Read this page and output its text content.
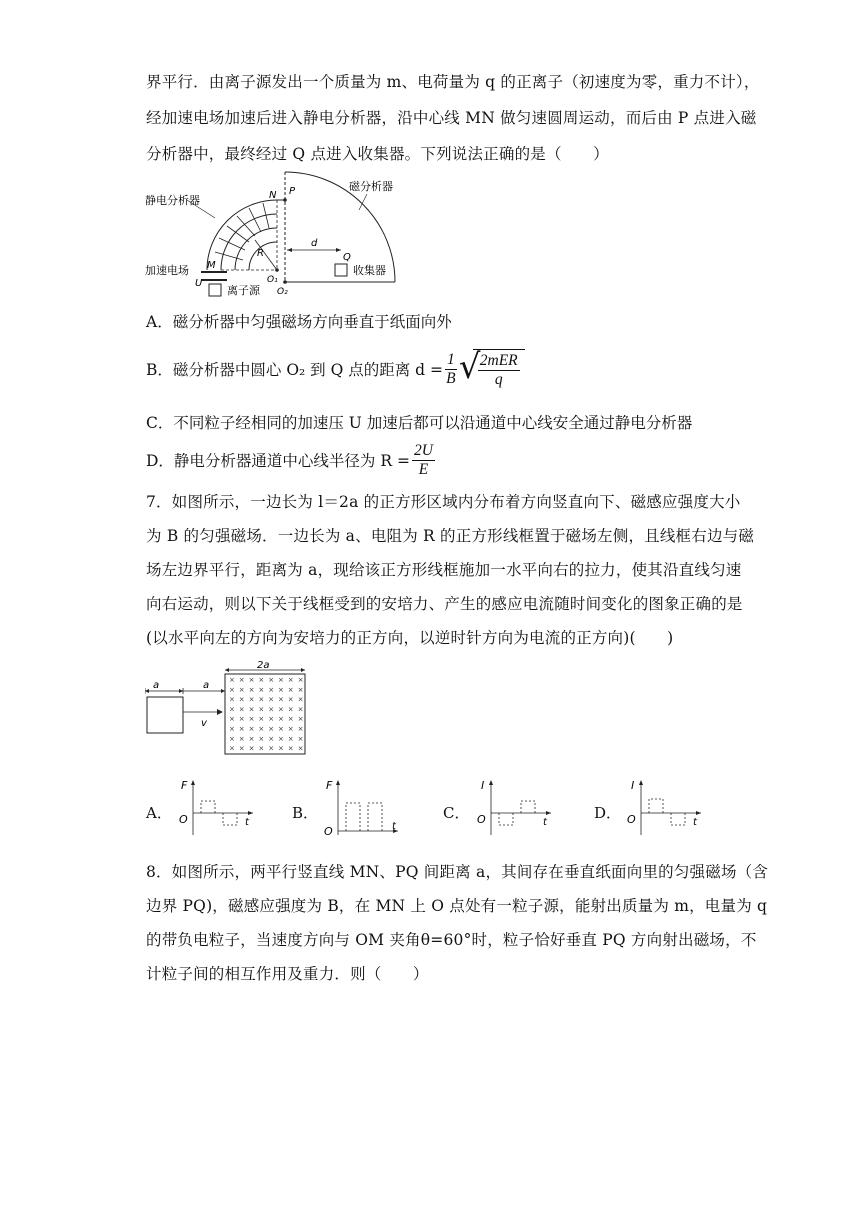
界平行．由离子源发出一个质量为 m、电荷量为 q 的正离子（初速度为零，重力不计），
经加速电场加速后进入静电分析器，沿中心线 MN 做匀速圆周运动，而后由 P 点进入磁
分析器中，最终经过 Q 点进入收集器。下列说法正确的是（　　）
静电分析器
磁分析器
加速电场
离子源
收集器
N P
M
R
O₁
O₂
d
Q
U
A．磁分析器中匀强磁场方向垂直于纸面向外
B．磁分析器中圆心 O₂ 到 Q 点的距离 $d = \frac{1}{B}$ √
$\frac{\text{2mER}}{q}$
C．不同粒子经相同的加速压 U 加速后都可以沿通道中心线安全通过静电分析器
D．静电分析器通道中心线半径为 $R = \frac{2U}{E}$
7．如图所示，一边长为 l＝2a 的正方形区域内分布着方向竖直向下、磁感应强度大小
为 B 的匀强磁场．一边长为 a、电阻为 R 的正方形线框置于磁场左侧，且线框右边与磁
场左边界平行，距离为 a，现给该正方形线框施加一水平向右的拉力，使其沿直线匀速
向右运动，则以下关于线框受到的安培力、产生的感应电流随时间变化的图象正确的是
(以水平向左的方向为安培力的正方向，以逆时针方向为电流的正方向)(　　)
a	a
2a
v
× × × × × × × ×
× × × × × × × ×
× × × × × × × ×
× × × × × × × ×
× × × × × × × ×
× × × × × × × ×
× × × × × × × ×
× × × × × × × ×
A．
F
O	t
B．
F
O	t
C．
I
O	t
D．
I
O	t
8．如图所示，两平行竖直线 MN、PQ 间距离 a，其间存在垂直纸面向里的匀强磁场（含
边界 PQ)，磁感应强度为 B，在 MN 上 O 点处有一粒子源，能射出质量为 m，电量为 q
的带负电粒子，当速度方向与 OM 夹角θ=60°时，粒子恰好垂直 PQ 方向射出磁场，不
计粒子间的相互作用及重力．则（　　）
